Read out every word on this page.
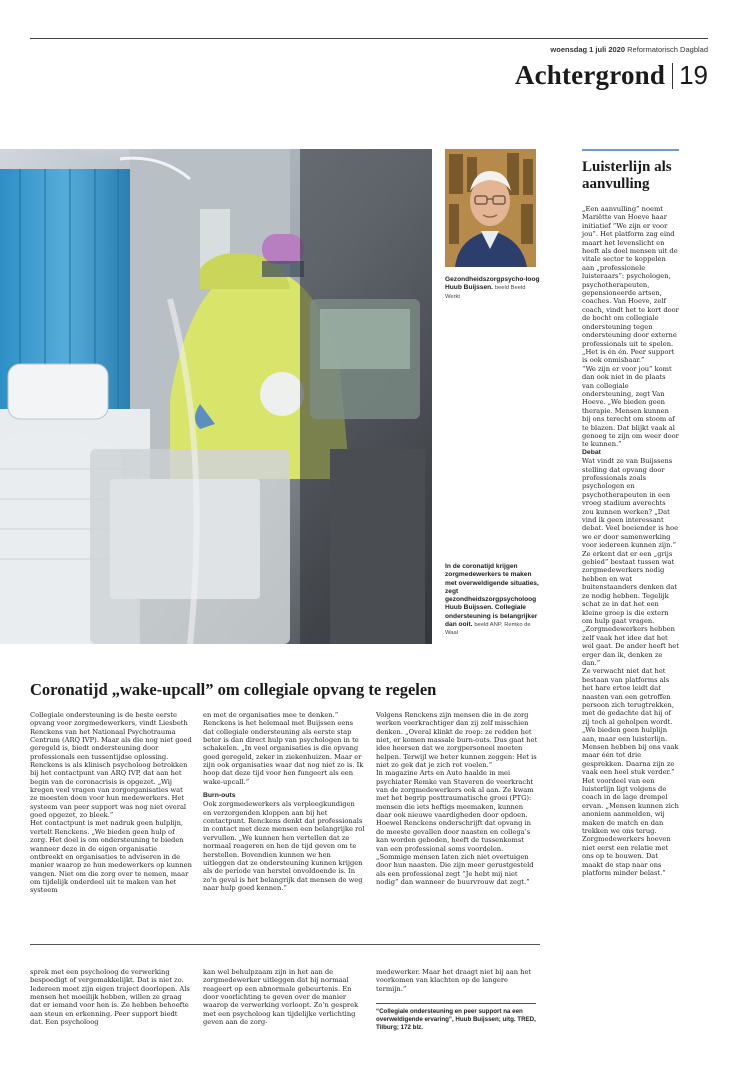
woensdag 1 juli 2020 Reformatorisch Dagblad
Achtergrond 19
Gezondheidszorgpsycho-loog Huub Buijssen. beeld Beeld Werkt
In de coronatijd krijgen zorgmedewerkers te maken met overweldigende situaties, zegt gezondheidszorgpsycholoog Huub Buijssen. Collegiale ondersteuning is belangrijker dan ooit. beeld ANP, Remko de Waal
Luisterlijn als aanvulling

„Een aanvulling” noemt Mariëtte van Hoeve haar initiatief “We zijn er voor jou”. Het platform zag eind maart het levenslicht en heeft als doel mensen uit de vitale sector te koppelen aan „professionele luisteraars”: psychologen, psychotherapeuten, gepensioneerde artsen, coaches. Van Hoeve, zelf coach, vindt het te kort door de bocht om collegiale ondersteuning tegen ondersteuning door externe professionals uit te spelen. „Het is én én. Peer support is ook onmisbaar.”

“We zijn er voor jou” komt dan ook niet in de plaats van collegiale ondersteuning, zegt Van Hoeve. „We bieden geen therapie. Mensen kunnen bij ons terecht om stoom af te blazen. Dat blijkt vaak al genoeg te zijn om weer door te kunnen.”

Debat

Wat vindt ze van Buijssens stelling dat opvang door professionals zoals psychologen en psychotherapeuten in een vroeg stadium averechts zou kunnen werken? „Dat vind ik geen interessant debat. Veel boeiender is hoe we er door samenwerking voor iedereen kunnen zijn.”

Ze erkent dat er een „grijs gebied” bestaat tussen wat zorgmedewerkers nodig hebben en wat buitenstaanders denken dat ze nodig hebben. Tegelijk schat ze in dat het een kleine groep is die extern om hulp gaat vragen. „Zorgmedewerkers hebben zelf vaak het idee dat het wel gaat. De ander heeft het erger dan ik, denken ze dan.”

Ze verwacht niet dat het bestaan van platforms als het hare ertoe leidt dat naasten van een getroffen persoon zich terugtrekken, met de gedachte dat hij of zij toch al geholpen wordt. „We bieden geen hulplijn aan, maar een luisterlijn. Mensen hebben bij ons vaak maar één tot drie gesprekken. Daarna zijn ze vaak een heel stuk verder.”

Het voordeel van een luisterlijn ligt volgens de coach in de lage drempel ervan. „Mensen kunnen zich anoniem aanmelden, wij maken de match en dan trekken we ons terug. Zorgmedewerkers hoeven niet eerst een relatie met ons op te bouwen. Dat maakt de stap naar ons platform minder belast.”

Coronatijd „wake-upcall” om collegiale opvang te regelen

Collegiale ondersteuning is de beste eerste opvang voor zorgmedewerkers, vindt Liesbeth Renckens van het Nationaal Psychotrauma Centrum (ARQ IVP). Maar als die nog niet goed geregeld is, biedt ondersteuning door professionals een tussentijdse oplossing.

Renckens is als klinisch psycholoog betrokken bij het contactpunt van ARQ IVP, dat aan het begin van de coronacrisis is opgezet. „Wij kregen veel vragen van zorgorganisaties wat ze moesten doen voor hun medewerkers. Het systeem van peer support was nog niet overal goed opgezet, zo bleek.”

Het contactpunt is met nadruk geen hulplijn, vertelt Renckens. „We bieden geen hulp of zorg. Het doel is om ondersteuning te bieden wanneer deze in de eigen organisatie ontbreekt en organisaties te adviseren in de manier waarop ze hun medewerkers op kunnen vangen. Niet om die zorg over te nemen, maar om tijdelijk onderdeel uit te maken van het systeem

en met de organisaties mee te denken.”

Renckens is het helemaal met Buijssen eens dat collegiale ondersteuning als eerste stap beter is dan direct hulp van psychologen in te schakelen. „In veel organisaties is die opvang goed geregeld, zeker in ziekenhuizen. Maar er zijn ook organisaties waar dat nog niet zo is. Ik hoop dat deze tijd voor hen fungeert als een wake-upcall.”

Burn-outs

Ook zorgmedewerkers als verpleegkundigen en verzorgenden kloppen aan bij het contactpunt. Renckens denkt dat professionals in contact met deze mensen een belangrijke rol vervullen. „We kunnen hen vertellen dat ze normaal reageren en hen de tijd geven om te herstellen. Bovendien kunnen we hen uitleggen dat ze ondersteuning kunnen krijgen als de periode van herstel onvoldoende is. In zo’n geval is het belangrijk dat mensen de weg naar hulp goed kennen.”

Volgens Renckens zijn mensen die in de zorg werken veerkrachtiger dan zij zelf misschien denken. „Overal klinkt de roep: ze redden het niet, er komen massale burn-outs. Dus gaat het idee heersen dat we zorgpersoneel moeten helpen. Terwijl we beter kunnen zeggen: Het is niet zo gek dat je zich rot voelen.”

In magazine Arts en Auto haalde in mei psychiater Remke van Staveren de veerkracht van de zorgmedewerkers ook al aan. Ze kwam met het begrip posttraumatische groei (PTG): mensen die iets heftigs meemaken, kunnen daar ook nieuwe vaardigheden door opdoen.

Hoewel Renckens onderschrijft dat opvang in de meeste gevallen door naasten en collega’s kan worden geboden, heeft de tussenkomst van een professional soms voordelen. „Sommige mensen laten zich niet overtuigen door hun naasten. Die zijn meer gerustgesteld als een professional zegt “Je hebt mij niet nodig” dan wanneer de buurvrouw dat zegt.”

sprek met een psycholoog de verwerking bespoedigt of vergemakkelijkt. Dat is niet zo. Iedereen moet zijn eigen traject doorlopen. Als mensen het moeilijk hebben, willen ze graag dat er iemand voor hen is. Ze hebben behoefte aan steun en erkenning. Peer support biedt dat. Een psycholoog

kan wel behulpzaam zijn in het aan de zorgmedewerker uitleggen dat hij normaal reageert op een abnormale gebeurtenis. En door voorlichting te geven over de manier waarop de verwerking verloopt. Zo’n gesprek met een psycholoog kan tijdelijke verlichting geven aan de zorg-

medewerker. Maar het draagt niet bij aan het voorkomen van klachten op de langere termijn.”

“Collegiale ondersteuning en peer support na een overweldigende ervaring”, Huub Buijssen; uitg. TRED, Tilburg; 172 blz.
